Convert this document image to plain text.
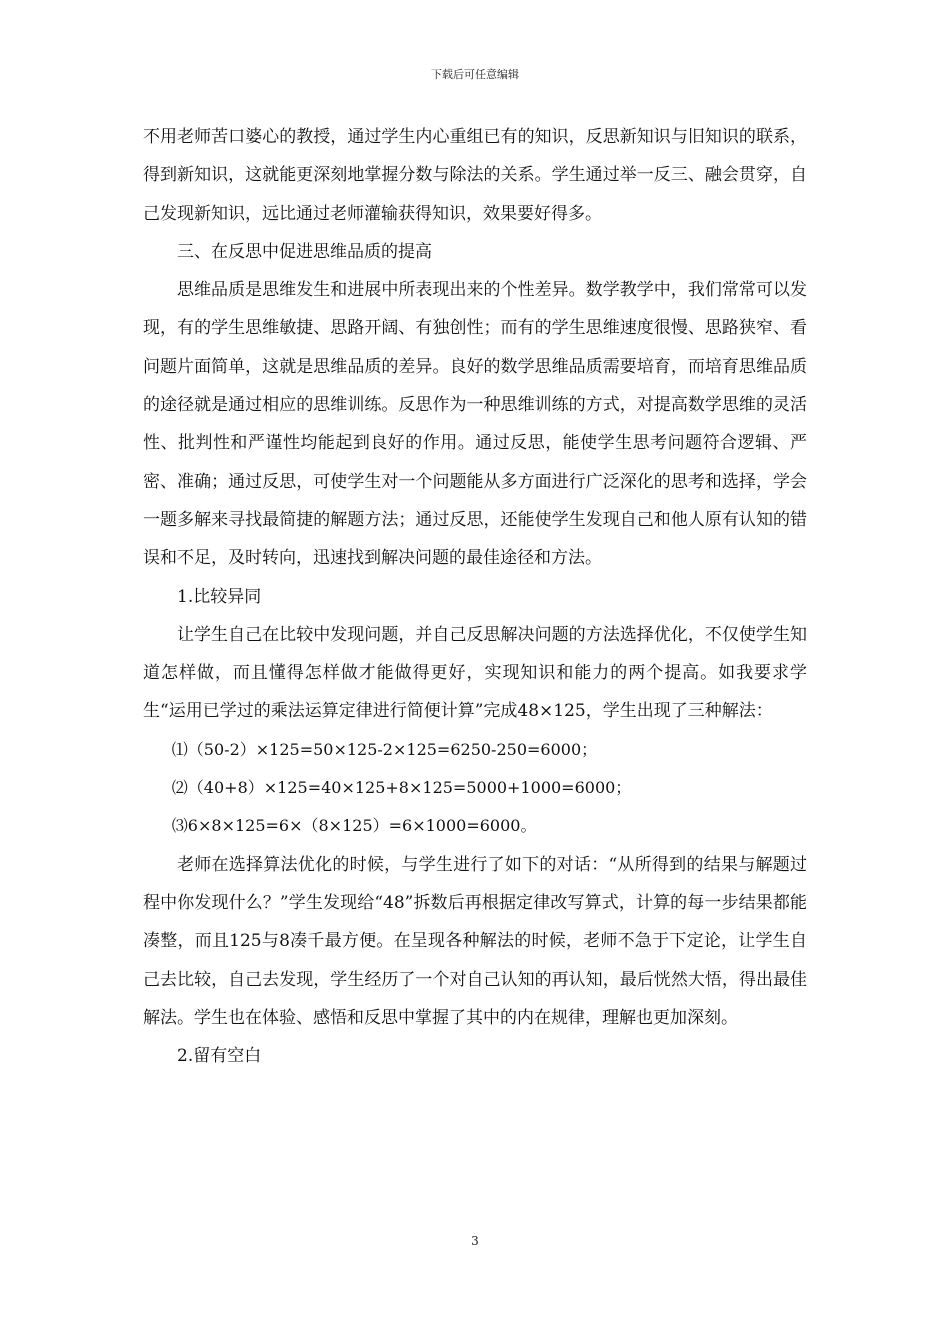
下载后可任意编辑

不用老师苦口婆心的教授，通过学生内心重组已有的知识，反思新知识与旧知识的联系，得到新知识，这就能更深刻地掌握分数与除法的关系。学生通过举一反三、融会贯穿，自己发现新知识，远比通过老师灌输获得知识，效果要好得多。

三、在反思中促进思维品质的提高

思维品质是思维发生和进展中所表现出来的个性差异。数学教学中，我们常常可以发现，有的学生思维敏捷、思路开阔、有独创性；而有的学生思维速度很慢、思路狭窄、看问题片面简单，这就是思维品质的差异。良好的数学思维品质需要培育，而培育思维品质的途径就是通过相应的思维训练。反思作为一种思维训练的方式，对提高数学思维的灵活性、批判性和严谨性均能起到良好的作用。通过反思，能使学生思考问题符合逻辑、严密、准确；通过反思，可使学生对一个问题能从多方面进行广泛深化的思考和选择，学会一题多解来寻找最简捷的解题方法；通过反思，还能使学生发现自己和他人原有认知的错误和不足，及时转向，迅速找到解决问题的最佳途径和方法。

1.比较异同

让学生自己在比较中发现问题，并自己反思解决问题的方法选择优化，不仅使学生知道怎样做，而且懂得怎样做才能做得更好，实现知识和能力的两个提高。如我要求学生“运用已学过的乘法运算定律进行简便计算”完成48×125，学生出现了三种解法：

⑴（50-2）×125=50×125-2×125=6250-250=6000；

⑵（40+8）×125=40×125+8×125=5000+1000=6000；

⑶6×8×125=6×（8×125）=6×1000=6000。

老师在选择算法优化的时候，与学生进行了如下的对话：“从所得到的结果与解题过程中你发现什么？”学生发现给“48”拆数后再根据定律改写算式，计算的每一步结果都能凑整，而且125与8凑千最方便。在呈现各种解法的时候，老师不急于下定论，让学生自己去比较，自己去发现，学生经历了一个对自己认知的再认知，最后恍然大悟，得出最佳解法。学生也在体验、感悟和反思中掌握了其中的内在规律，理解也更加深刻。

2.留有空白

3
